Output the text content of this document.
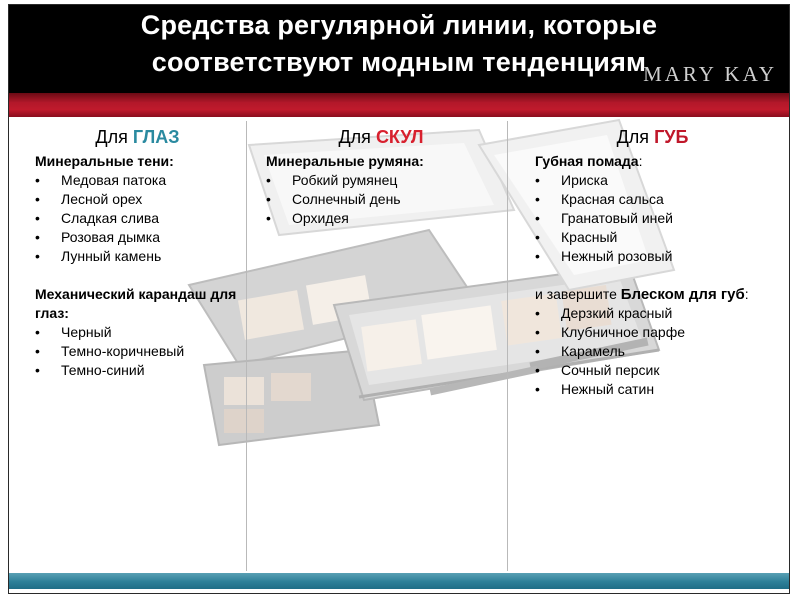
Средства регулярной линии, которые
соответствуют модным тенденциям
MARY KAY
Для ГЛАЗ
Минеральные тени:
• Медовая патока
• Лесной орех
• Сладкая слива
• Розовая дымка
• Лунный камень
Механический карандаш для глаз:
• Черный
• Темно-коричневый
• Темно-синий
Для СКУЛ
Минеральные румяна:
• Робкий румянец
• Солнечный день
• Орхидея
Для ГУБ
Губная помада:
• Ириска
• Красная сальса
• Гранатовый иней
• Красный
• Нежный розовый
и завершите Блеском для губ:
• Дерзкий красный
• Клубничное парфе
• Карамель
• Сочный персик
• Нежный сатин
